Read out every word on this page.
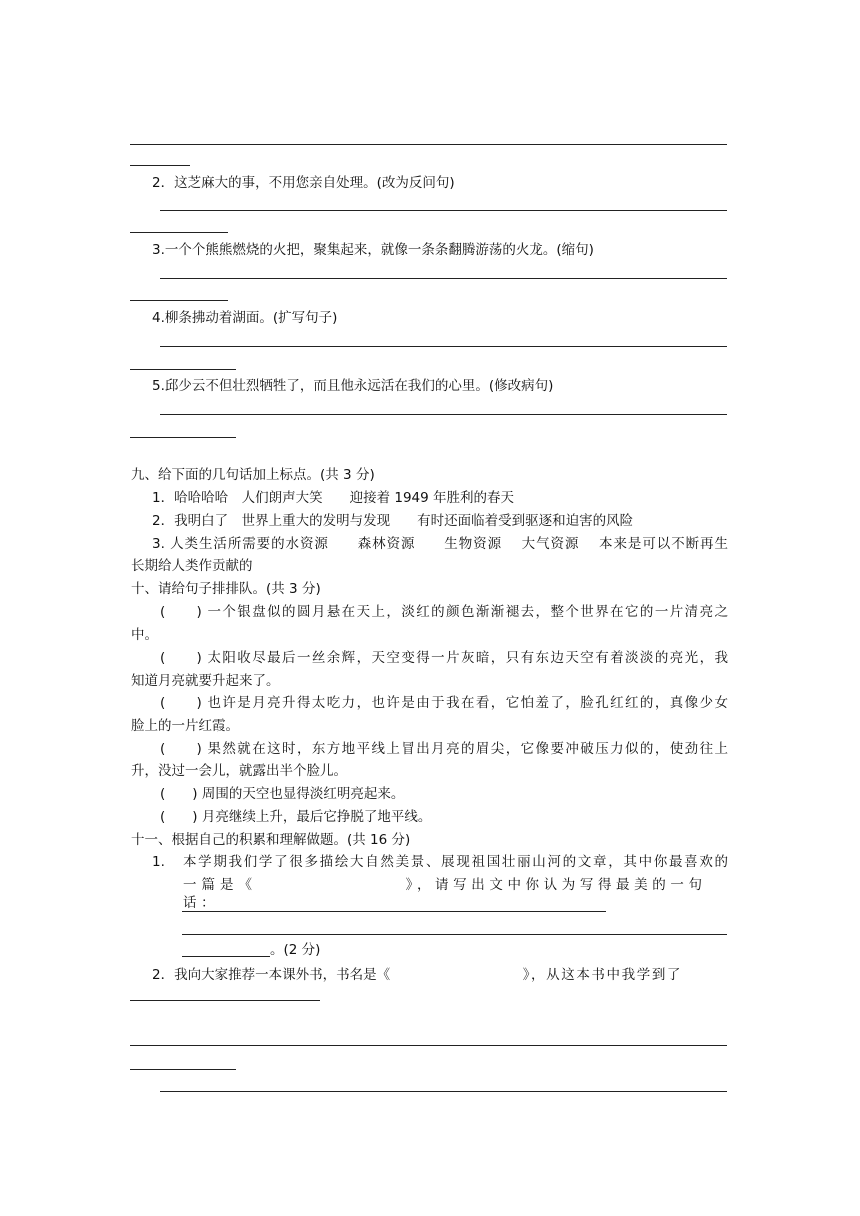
2．这芝麻大的事，不用您亲自处理。(改为反问句)
3.一个个熊熊燃烧的火把，聚集起来，就像一条条翻腾游荡的火龙。(缩句)
4.柳条拂动着湖面。(扩写句子)
5.邱少云不但壮烈牺牲了，而且他永远活在我们的心里。(修改病句)
九、给下面的几句话加上标点。(共 3 分)
1．哈哈哈哈　人们朗声大笑　　迎接着 1949 年胜利的春天
2．我明白了　世界上重大的发明与发现　　有时还面临着受到驱逐和迫害的风险
3. 人类生活所需要的水资源　　森林资源　　生物资源　 大气资源　 本来是可以不断再生
长期给人类作贡献的
十、请给句子排排队。(共 3 分)
(　　) 一个银盘似的圆月悬在天上，淡红的颜色渐渐褪去，整个世界在它的一片清亮之
中。
(　　) 太阳收尽最后一丝余辉，天空变得一片灰暗，只有东边天空有着淡淡的亮光，我
知道月亮就要升起来了。
(　　) 也许是月亮升得太吃力，也许是由于我在看，它怕羞了，脸孔红红的，真像少女
脸上的一片红霞。
(　　) 果然就在这时，东方地平线上冒出月亮的眉尖，它像要冲破压力似的，使劲往上
升，没过一会儿，就露出半个脸儿。
(　　) 周围的天空也显得淡红明亮起来。
(　　) 月亮继续上升，最后它挣脱了地平线。
十一、根据自己的积累和理解做题。(共 16 分)
1. 本学期我们学了很多描绘大自然美景、展现祖国壮丽山河的文章，其中你最喜欢的
一篇是《	》，请写出文中你认为写得最美的一句话：
。(2 分)
2．我向大家推荐一本课外书，书名是《	》，从这本书中我学到了
